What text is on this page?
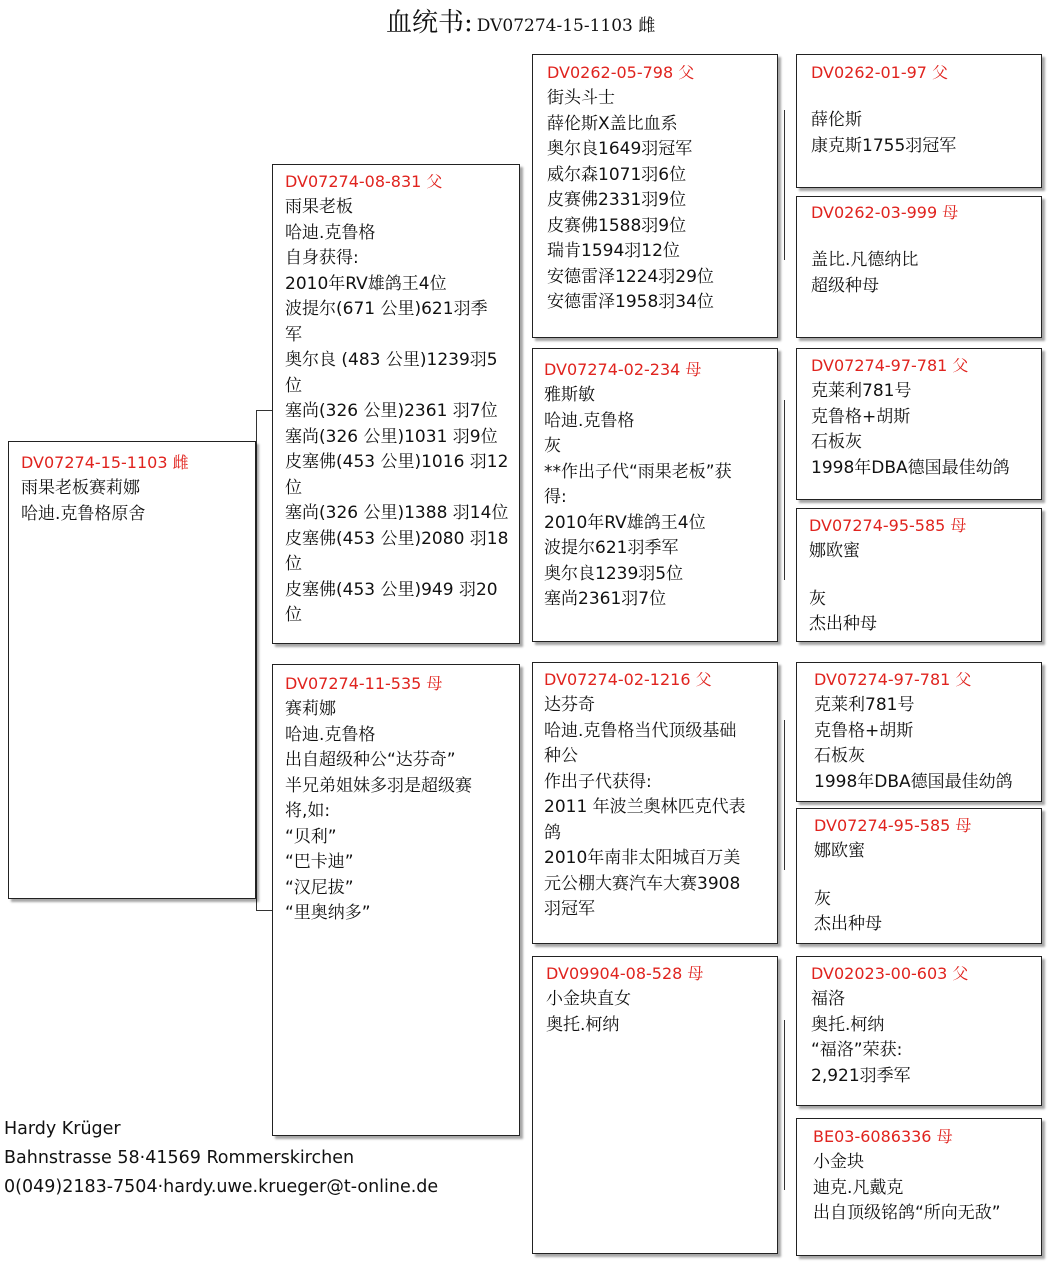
血统书: DV07274-15-1103 雌
DV07274-15-1103 雌
雨果老板赛莉娜
哈迪.克鲁格原舍
DV07274-08-831 父
雨果老板
哈迪.克鲁格
自身获得:
2010年RV雄鸽王4位
波提尔(671 公里)621羽季
军
奥尔良 (483 公里)1239羽5
位
塞尚(326 公里)2361 羽7位
塞尚(326 公里)1031 羽9位
皮塞佛(453 公里)1016 羽12
位
塞尚(326 公里)1388 羽14位
皮塞佛(453 公里)2080 羽18
位
皮塞佛(453 公里)949 羽20
位
DV07274-11-535 母
赛莉娜
哈迪.克鲁格
出自超级种公“达芬奇”
半兄弟姐妹多羽是超级赛
将,如:
“贝利”
“巴卡迪”
“汉尼拔”
“里奥纳多”
DV0262-05-798 父
街头斗士
薛伦斯X盖比血系
奥尔良1649羽冠军
威尔森1071羽6位
皮赛佛2331羽9位
皮赛佛1588羽9位
瑞肯1594羽12位
安德雷泽1224羽29位
安德雷泽1958羽34位
DV07274-02-234 母
雅斯敏
哈迪.克鲁格
灰
**作出子代“雨果老板”获
得:
2010年RV雄鸽王4位
波提尔621羽季军
奥尔良1239羽5位
塞尚2361羽7位
DV07274-02-1216 父
达芬奇
哈迪.克鲁格当代顶级基础
种公
作出子代获得:
2011 年波兰奥林匹克代表
鸽
2010年南非太阳城百万美
元公棚大赛汽车大赛3908
羽冠军
DV09904-08-528 母
小金块直女
奥托.柯纳
DV0262-01-97 父
薛伦斯
康克斯1755羽冠军
DV0262-03-999 母
盖比.凡德纳比
超级种母
DV07274-97-781 父
克莱利781号
克鲁格+胡斯
石板灰
1998年DBA德国最佳幼鸽
DV07274-95-585 母
娜欧蜜
灰
杰出种母
DV07274-97-781 父
克莱利781号
克鲁格+胡斯
石板灰
1998年DBA德国最佳幼鸽
DV07274-95-585 母
娜欧蜜
灰
杰出种母
DV02023-00-603 父
福洛
奥托.柯纳
“福洛”荣获:
2,921羽季军
BE03-6086336 母
小金块
迪克.凡戴克
出自顶级铭鸽“所向无敌”
Hardy Krüger
Bahnstrasse 58·41569 Rommerskirchen
0(049)2183-7504·hardy.uwe.krueger@t-online.de
